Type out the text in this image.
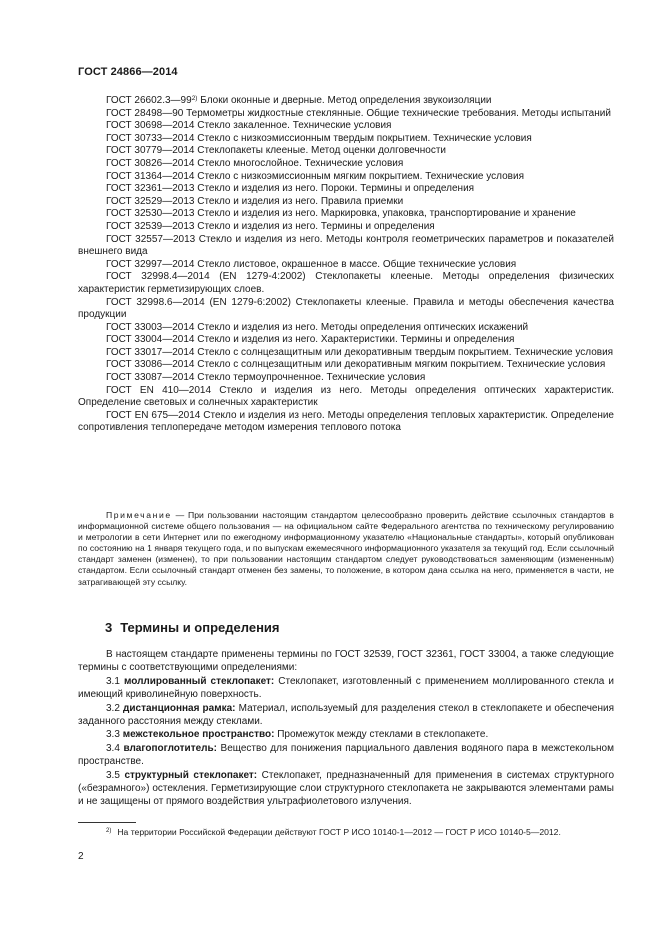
ГОСТ 24866—2014

ГОСТ 26602.3—99$^{2)}$ Блоки оконные и дверные. Метод определения звукоизоляции

ГОСТ 28498—90 Термометры жидкостные стеклянные. Общие технические требования. Методы испытаний

ГОСТ 30698—2014 Стекло закаленное. Технические условия

ГОСТ 30733—2014 Стекло с низкоэмиссионным твердым покрытием. Технические условия

ГОСТ 30779—2014 Стеклопакеты клееные. Метод оценки долговечности

ГОСТ 30826—2014 Стекло многослойное. Технические условия

ГОСТ 31364—2014 Стекло с низкоэмиссионным мягким покрытием. Технические условия

ГОСТ 32361—2013 Стекло и изделия из него. Пороки. Термины и определения

ГОСТ 32529—2013 Стекло и изделия из него. Правила приемки

ГОСТ 32530—2013 Стекло и изделия из него. Маркировка, упаковка, транспортирование и хранение

ГОСТ 32539—2013 Стекло и изделия из него. Термины и определения

ГОСТ 32557—2013 Стекло и изделия из него. Методы контроля геометрических параметров и показателей внешнего вида

ГОСТ 32997—2014 Стекло листовое, окрашенное в массе. Общие технические условия

ГОСТ 32998.4—2014 (EN 1279-4:2002) Стеклопакеты клееные. Методы определения физических характеристик герметизирующих слоев.

ГОСТ 32998.6—2014 (EN 1279-6:2002) Стеклопакеты клееные. Правила и методы обеспечения качества продукции

ГОСТ 33003—2014 Стекло и изделия из него. Методы определения оптических искажений

ГОСТ 33004—2014 Стекло и изделия из него. Характеристики. Термины и определения

ГОСТ 33017—2014 Стекло с солнцезащитным или декоративным твердым покрытием. Технические условия

ГОСТ 33086—2014 Стекло с солнцезащитным или декоративным мягким покрытием. Технические условия

ГОСТ 33087—2014 Стекло термоупрочненное. Технические условия

ГОСТ EN 410—2014 Стекло и изделия из него. Методы определения оптических характеристик. Определение световых и солнечных характеристик

ГОСТ EN 675—2014 Стекло и изделия из него. Методы определения тепловых характеристик. Определение сопротивления теплопередаче методом измерения теплового потока

Примечание — При пользовании настоящим стандартом целесообразно проверить действие ссылочных стандартов в информационной системе общего пользования — на официальном сайте Федерального агентства по техническому регулированию и метрологии в сети Интернет или по ежегодному информационному указателю «Национальные стандарты», который опубликован по состоянию на 1 января текущего года, и по выпускам ежемесячного информационного указателя за текущий год. Если ссылочный стандарт заменен (изменен), то при пользовании настоящим стандартом следует руководствоваться заменяющим (измененным) стандартом. Если ссылочный стандарт отменен без замены, то положение, в котором дана ссылка на него, применяется в части, не затрагивающей эту ссылку.
3 Термины и определения

В настоящем стандарте применены термины по ГОСТ 32539, ГОСТ 32361, ГОСТ 33004, а также следующие термины с соответствующими определениями:

3.1 моллированный стеклопакет: Стеклопакет, изготовленный с применением моллированного стекла и имеющий криволинейную поверхность.

3.2 дистанционная рамка: Материал, используемый для разделения стекол в стеклопакете и обеспечения заданного расстояния между стеклами.

3.3 межстекольное пространство: Промежуток между стеклами в стеклопакете.

3.4 влагопоглотитель: Вещество для понижения парциального давления водяного пара в межстекольном пространстве.

3.5 структурный стеклопакет: Стеклопакет, предназначенный для применения в системах структурного («безрамного») остекления. Герметизирующие слои структурного стеклопакета не закрываются элементами рамы и не защищены от прямого воздействия ультрафиолетового излучения.

$^{2)}$ На территории Российской Федерации действуют ГОСТ Р ИСО 10140-1—2012 — ГОСТ Р ИСО 10140-5—2012.
2
